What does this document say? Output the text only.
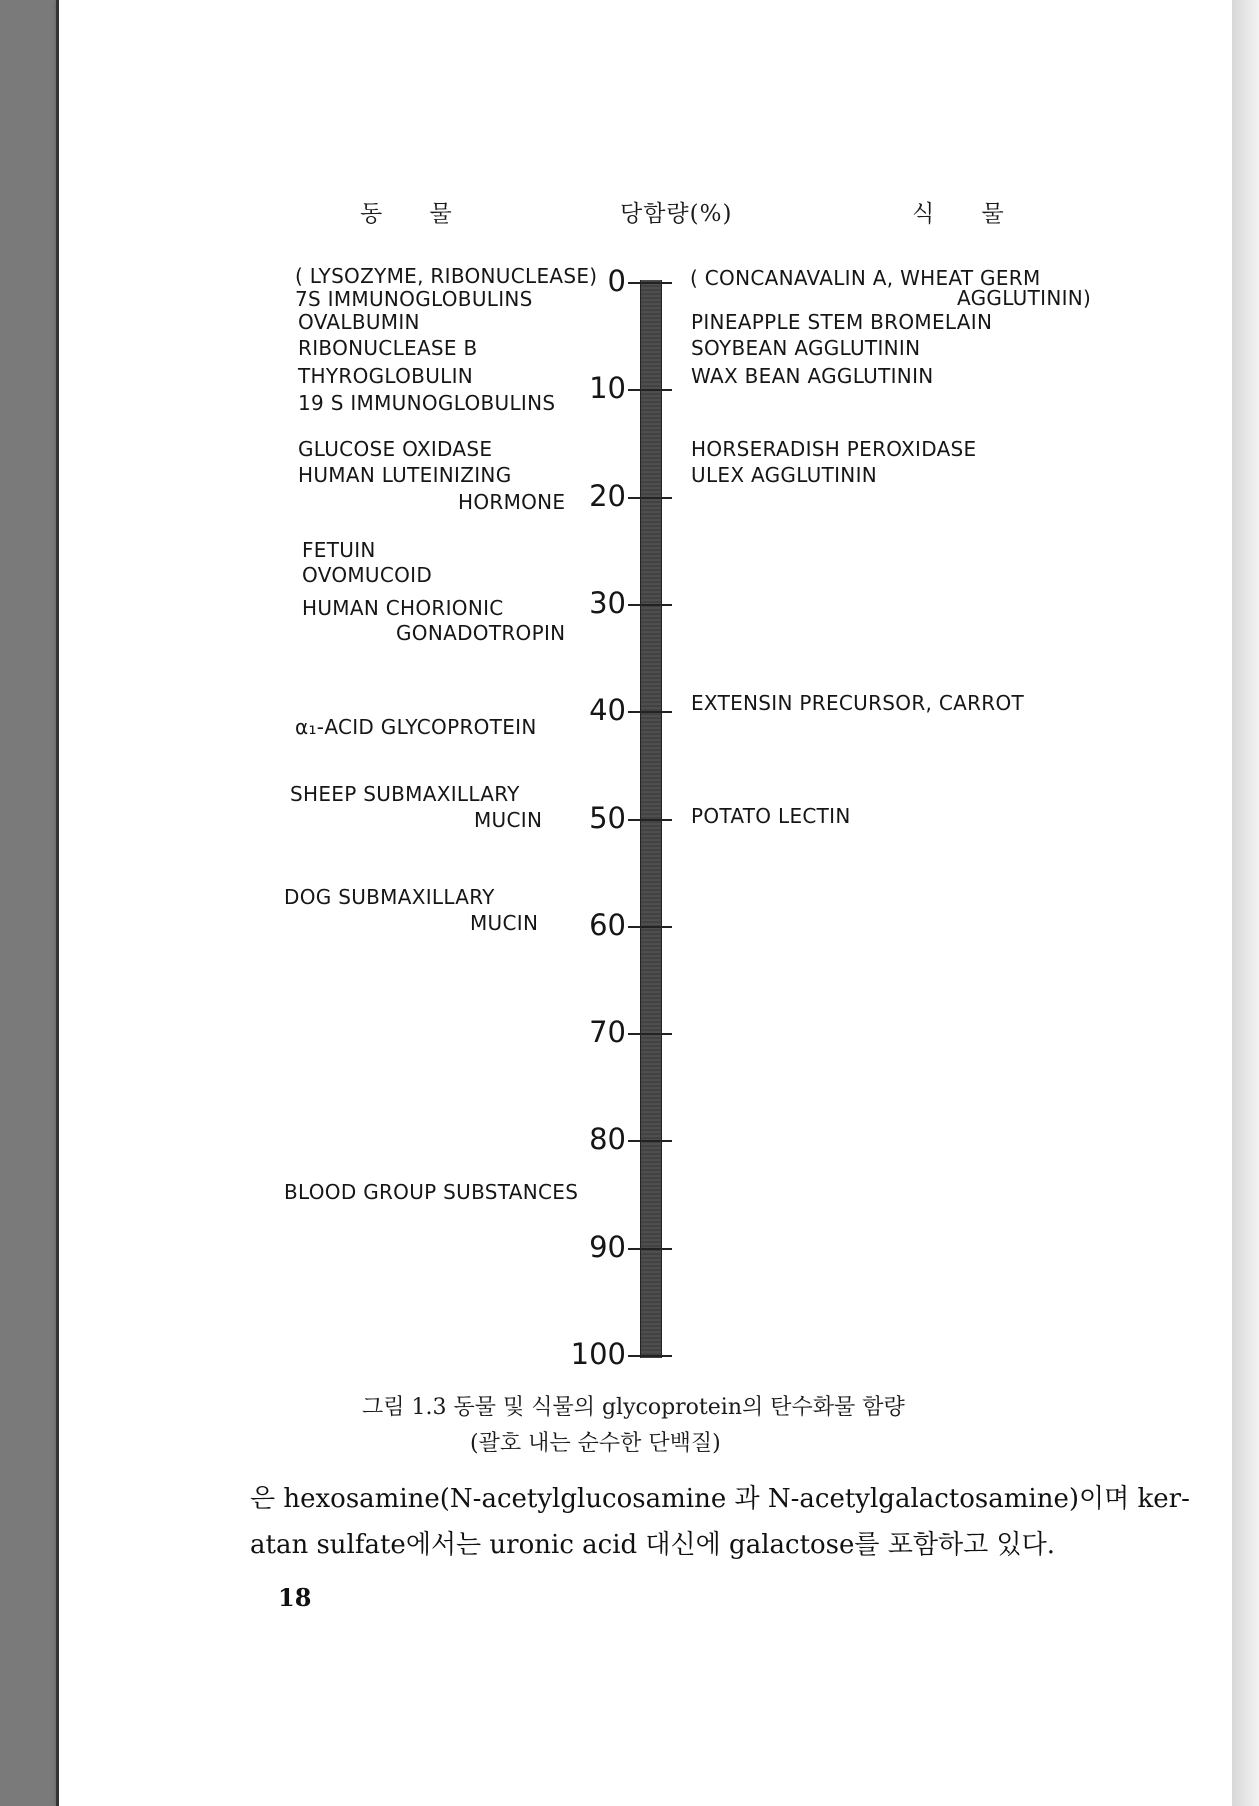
동 물	당함량(%)	식 물
0
10
20
30
40
50
60
70
80
90
100
( LYSOZYME, RIBONUCLEASE)
7S IMMUNOGLOBULINS
OVALBUMIN
RIBONUCLEASE B
THYROGLOBULIN
19 S IMMUNOGLOBULINS
GLUCOSE OXIDASE
HUMAN LUTEINIZING
HORMONE
FETUIN
OVOMUCOID
HUMAN CHORIONIC
GONADOTROPIN
α₁-ACID GLYCOPROTEIN
SHEEP SUBMAXILLARY
MUCIN
DOG SUBMAXILLARY
MUCIN
BLOOD GROUP SUBSTANCES
( CONCANAVALIN A, WHEAT GERM
AGGLUTININ)
PINEAPPLE STEM BROMELAIN
SOYBEAN AGGLUTININ
WAX BEAN AGGLUTININ
HORSERADISH PEROXIDASE
ULEX AGGLUTININ
EXTENSIN PRECURSOR, CARROT
POTATO LECTIN
그림 1.3 동물 및 식물의 glycoprotein의 탄수화물 함량
(괄호 내는 순수한 단백질)
은 hexosamine(N-acetylglucosamine 과 N-acetylgalactosamine)이며 ker-
atan sulfate에서는 uronic acid 대신에 galactose를 포함하고 있다.
18
